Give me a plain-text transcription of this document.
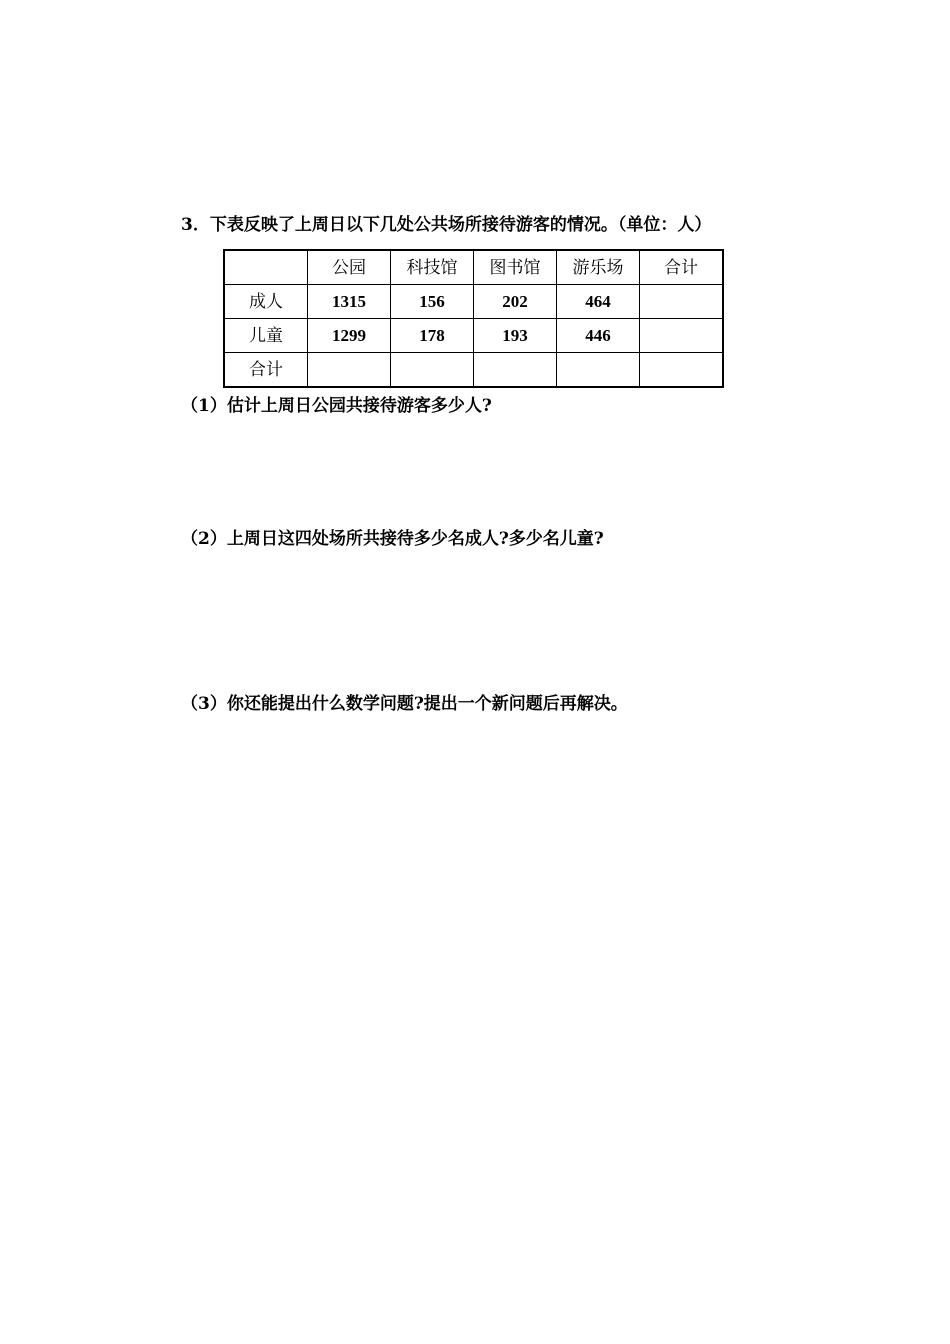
3．下表反映了上周日以下几处公共场所接待游客的情况。（单位：人）
	公园	科技馆	图书馆	游乐场	合计
成人	1315	156	202	464	
儿童	1299	178	193	446	
合计					
（1）估计上周日公园共接待游客多少人?
（2）上周日这四处场所共接待多少名成人?多少名儿童?
（3）你还能提出什么数学问题?提出一个新问题后再解决。
